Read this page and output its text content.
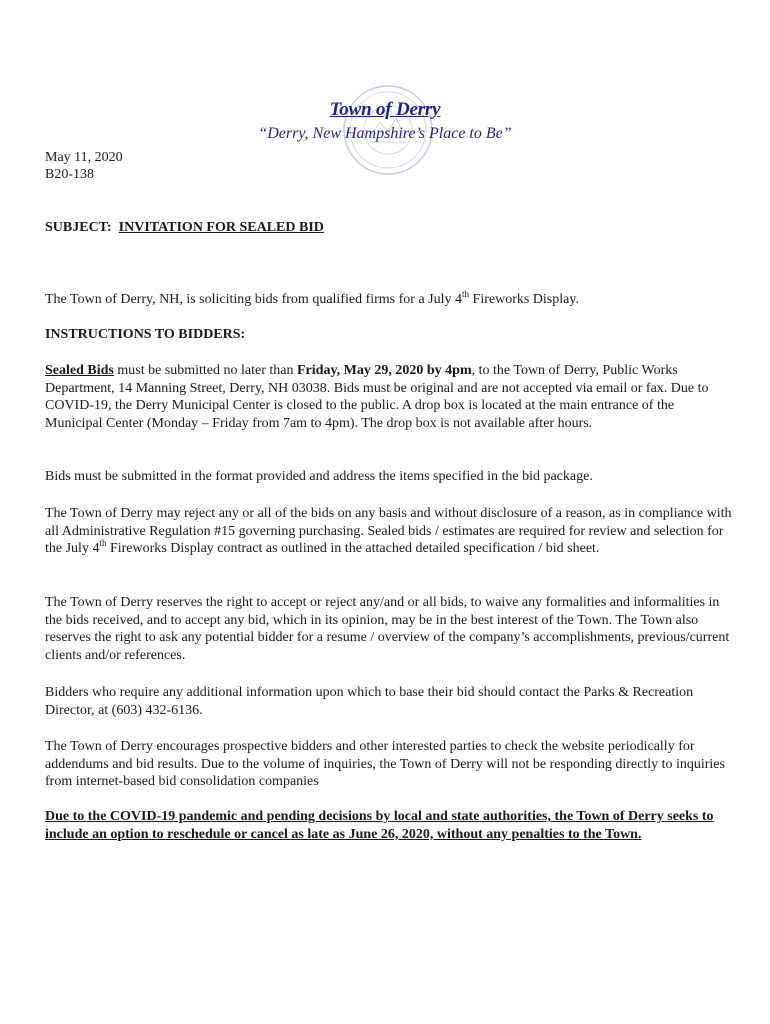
Town of Derry
“Derry, New Hampshire’s Place to Be”
May 11, 2020
B20-138
SUBJECT: INVITATION FOR SEALED BID
The Town of Derry, NH, is soliciting bids from qualified firms for a July 4th Fireworks Display.
INSTRUCTIONS TO BIDDERS:
Sealed Bids must be submitted no later than Friday, May 29, 2020 by 4pm, to the Town of Derry, Public Works Department, 14 Manning Street, Derry, NH 03038. Bids must be original and are not accepted via email or fax. Due to COVID-19, the Derry Municipal Center is closed to the public. A drop box is located at the main entrance of the Municipal Center (Monday – Friday from 7am to 4pm). The drop box is not available after hours.
Bids must be submitted in the format provided and address the items specified in the bid package.
The Town of Derry may reject any or all of the bids on any basis and without disclosure of a reason, as in compliance with all Administrative Regulation #15 governing purchasing. Sealed bids / estimates are required for review and selection for the July 4th Fireworks Display contract as outlined in the attached detailed specification / bid sheet.
The Town of Derry reserves the right to accept or reject any/and or all bids, to waive any formalities and informalities in the bids received, and to accept any bid, which in its opinion, may be in the best interest of the Town. The Town also reserves the right to ask any potential bidder for a resume / overview of the company’s accomplishments, previous/current clients and/or references.
Bidders who require any additional information upon which to base their bid should contact the Parks & Recreation Director, at (603) 432-6136.
The Town of Derry encourages prospective bidders and other interested parties to check the website periodically for addendums and bid results. Due to the volume of inquiries, the Town of Derry will not be responding directly to inquiries from internet-based bid consolidation companies
Due to the COVID-19 pandemic and pending decisions by local and state authorities, the Town of Derry seeks to include an option to reschedule or cancel as late as June 26, 2020, without any penalties to the Town.
